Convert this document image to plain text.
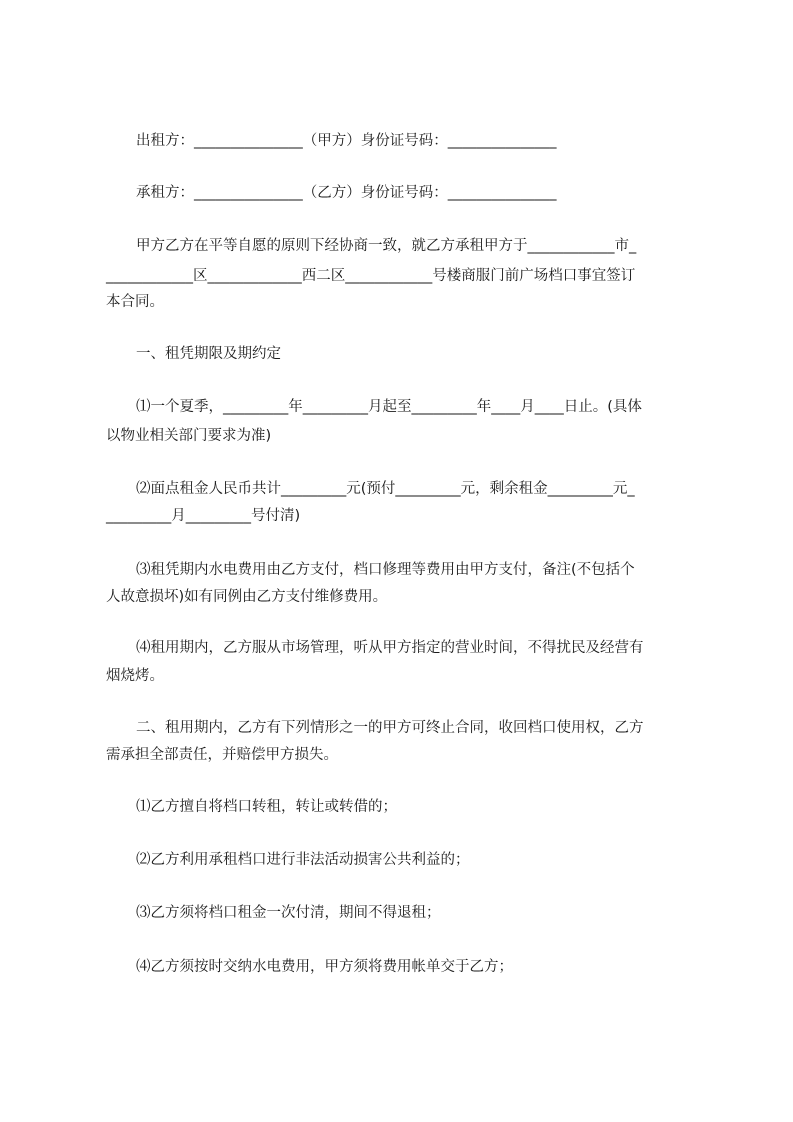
出租方：_______________（甲方）身份证号码：_______________

承租方：_______________（乙方）身份证号码：_______________

甲方乙方在平等自愿的原则下经协商一致，就乙方承租甲方于____________市_

____________区_____________西二区____________号楼商服门前广场档口事宜签订

本合同。

一、租凭期限及期约定

⑴一个夏季，_________年_________月起至_________年____月____日止。(具体

以物业相关部门要求为准)

⑵面点租金人民币共计_________元(预付_________元，剩余租金_________元_

_________月_________号付清)

⑶租凭期内水电费用由乙方支付，档口修理等费用由甲方支付，备注(不包括个

人故意损坏)如有同例由乙方支付维修费用。

⑷租用期内，乙方服从市场管理，听从甲方指定的营业时间，不得扰民及经营有

烟烧烤。

二、租用期内，乙方有下列情形之一的甲方可终止合同，收回档口使用权，乙方

需承担全部责任，并赔偿甲方损失。

⑴乙方擅自将档口转租，转让或转借的；

⑵乙方利用承租档口进行非法活动损害公共利益的；

⑶乙方须将档口租金一次付清，期间不得退租；

⑷乙方须按时交纳水电费用，甲方须将费用帐单交于乙方；
